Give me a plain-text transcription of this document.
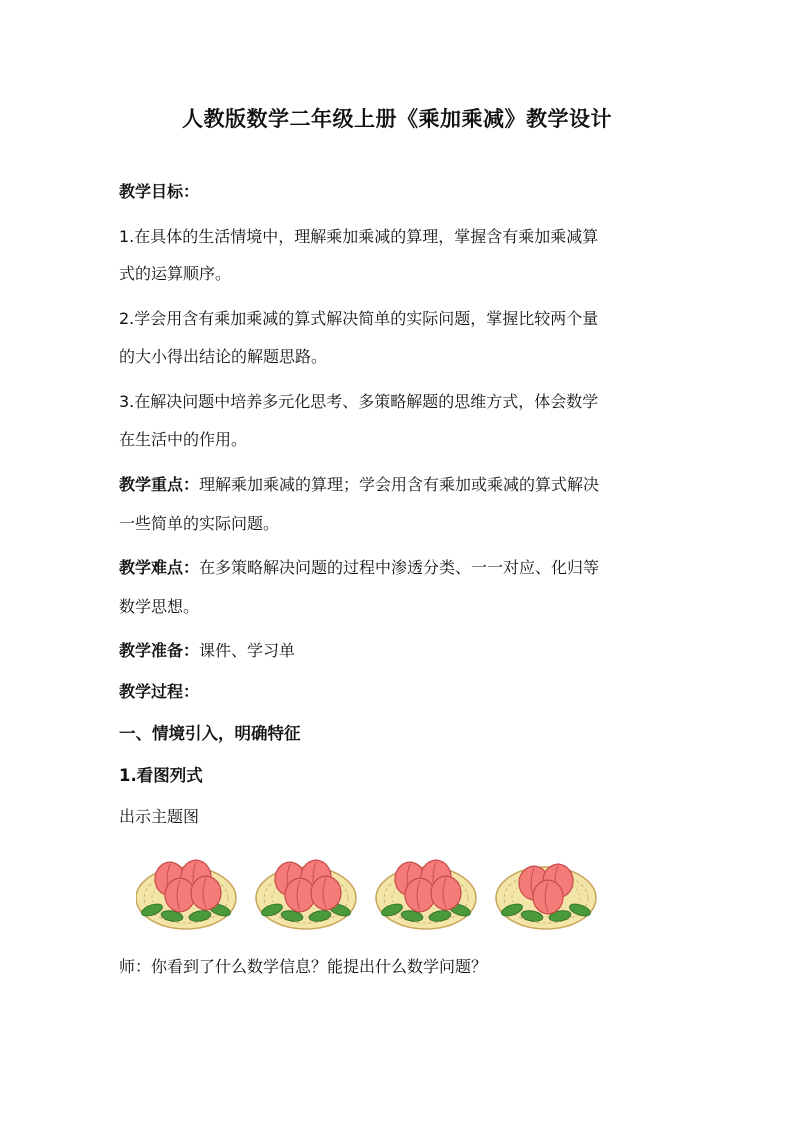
人教版数学二年级上册《乘加乘减》教学设计
教学目标：
1.在具体的生活情境中，理解乘加乘减的算理，掌握含有乘加乘减算
式的运算顺序。
2.学会用含有乘加乘减的算式解决简单的实际问题，掌握比较两个量
的大小得出结论的解题思路。
3.在解决问题中培养多元化思考、多策略解题的思维方式，体会数学
在生活中的作用。
教学重点：理解乘加乘减的算理；学会用含有乘加或乘减的算式解决
一些简单的实际问题。
教学难点：在多策略解决问题的过程中渗透分类、一一对应、化归等
数学思想。
教学准备：课件、学习单
教学过程：
一、情境引入，明确特征
1.看图列式
出示主题图
师：你看到了什么数学信息？能提出什么数学问题？
